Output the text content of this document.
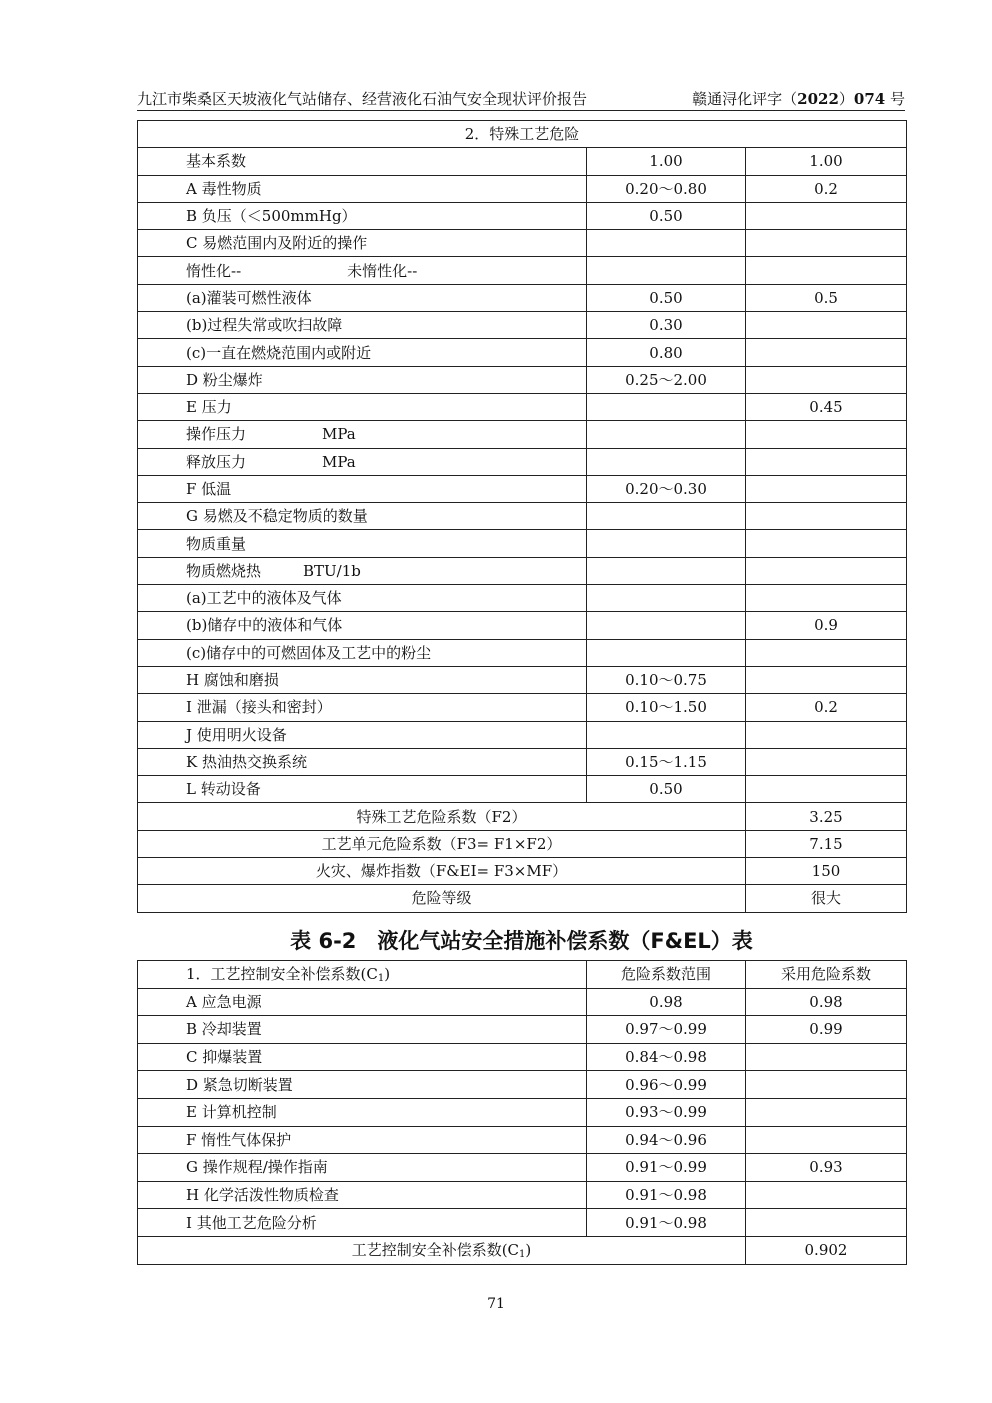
九江市柴桑区天坡液化气站储存、经营液化石油气安全现状评价报告	赣通浔化评字（2022）074 号
2．特殊工艺危险		
基本系数	1.00	1.00
A 毒性物质	0.20～0.80	0.2
B 负压（＜500mmHg）	0.50	
C 易燃范围内及附近的操作		
惰性化-- 未惰性化--		
(a)灌装可燃性液体	0.50	0.5
(b)过程失常或吹扫故障	0.30	
(c)一直在燃烧范围内或附近	0.80	
D 粉尘爆炸	0.25～2.00	
E 压力		0.45
操作压力 MPa		
释放压力 MPa		
F 低温	0.20～0.30	
G 易燃及不稳定物质的数量		
物质重量		
物质燃烧热 BTU/1b		
(a)工艺中的液体及气体		
(b)储存中的液体和气体		0.9
(c)储存中的可燃固体及工艺中的粉尘		
H 腐蚀和磨损	0.10～0.75	
I 泄漏（接头和密封）	0.10～1.50	0.2
J 使用明火设备		
K 热油热交换系统	0.15～1.15	
L 转动设备	0.50	
特殊工艺危险系数（F2）		3.25
工艺单元危险系数（F3= F1×F2）		7.15
火灾、爆炸指数（F&EI= F3×MF）		150
危险等级		很大
表 6-2　液化气站安全措施补偿系数（F&EL）表
1．工艺控制安全补偿系数$(C_1)$	危险系数范围	采用危险系数
A 应急电源	0.98	0.98
B 冷却装置	0.97～0.99	0.99
C 抑爆装置	0.84～0.98	
D 紧急切断装置	0.96～0.99	
E 计算机控制	0.93～0.99	
F 惰性气体保护	0.94～0.96	
G 操作规程/操作指南	0.91～0.99	0.93
H 化学活泼性物质检查	0.91～0.98	
I 其他工艺危险分析	0.91～0.98	
工艺控制安全补偿系数$(C_1)$		0.902
71
